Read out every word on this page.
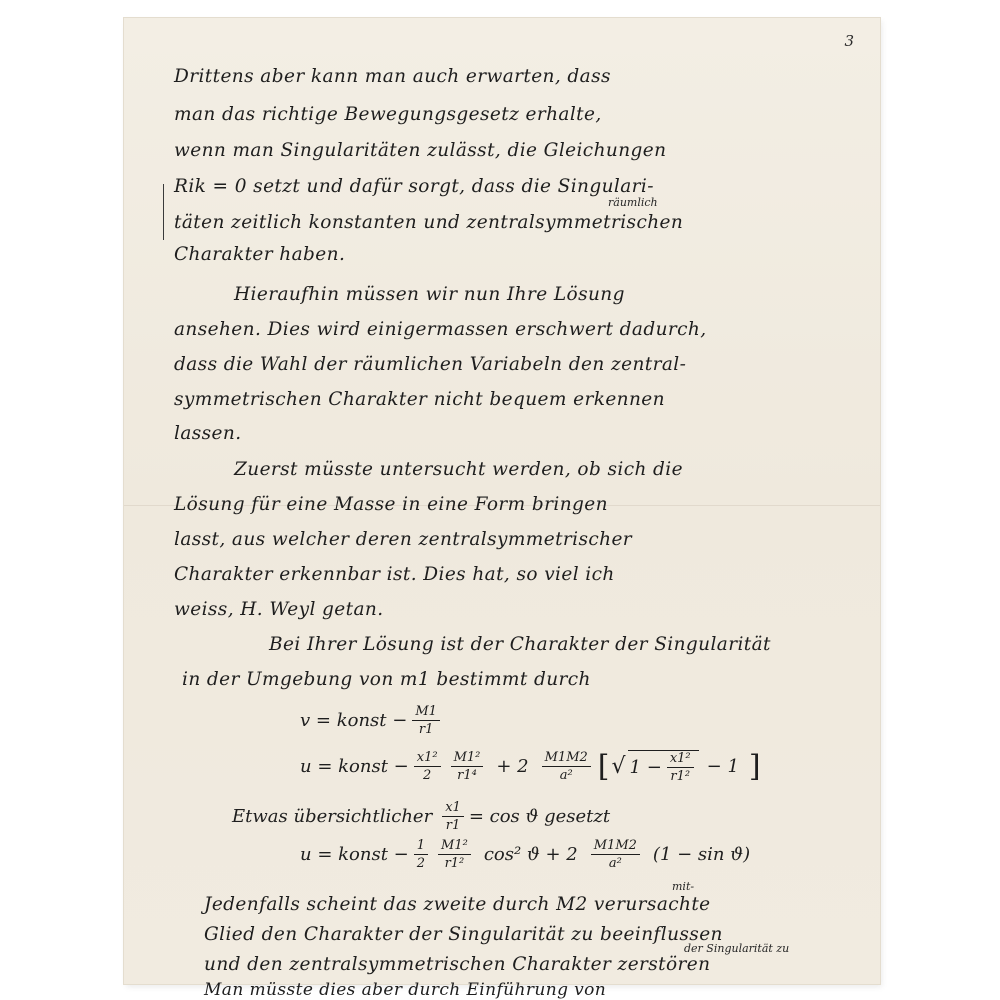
3

Drittens aber kann man auch erwarten, dass

man das richtige Bewegungsgesetz erhalte,

wenn man Singularitäten zulässt, die Gleichungen

Rik = 0 setzt und dafür sorgt, dass die Singulari-

räumlich

täten zeitlich konstanten und zentralsymmetrischen

Charakter haben.

Hieraufhin müssen wir nun Ihre Lösung

ansehen. Dies wird einigermassen erschwert dadurch,

dass die Wahl der räumlichen Variabeln den zentral-

symmetrischen Charakter nicht bequem erkennen

lassen.

Zuerst müsste untersucht werden, ob sich die

Lösung für eine Masse in eine Form bringen

lasst, aus welcher deren zentralsymmetrischer

Charakter erkennbar ist. Dies hat, so viel ich

weiss, H. Weyl getan.

Bei Ihrer Lösung ist der Charakter der Singularität

in der Umgebung von m1 bestimmt durch

v = konst − $\frac{M1}{r1}$
u = konst − $\frac{\text{x1²}}{2} \frac{\text{M1²}}{\text{r1⁴}} + 2 \frac{M1M2}{\text{a²}}$ [ √ $1 - \frac{\text{x1²}}{\text{r1²}} - 1$ ]
Etwas übersichtlicher $\frac{x1}{r1} = \cos ϑ$ gesetzt
u = konst − $\frac{1}{2} \frac{\text{M1²}}{\text{r1²}} \cos^2$ $ϑ + 2 \frac{M1M2}{\text{a²}} (1 - \sin ϑ)$

mit-

Jedenfalls scheint das zweite durch M2 verursachte

Glied den Charakter der Singularität zu beeinflussen

der Singularität zu

und den zentralsymmetrischen Charakter zerstören

Man müsste dies aber durch Einführung von
